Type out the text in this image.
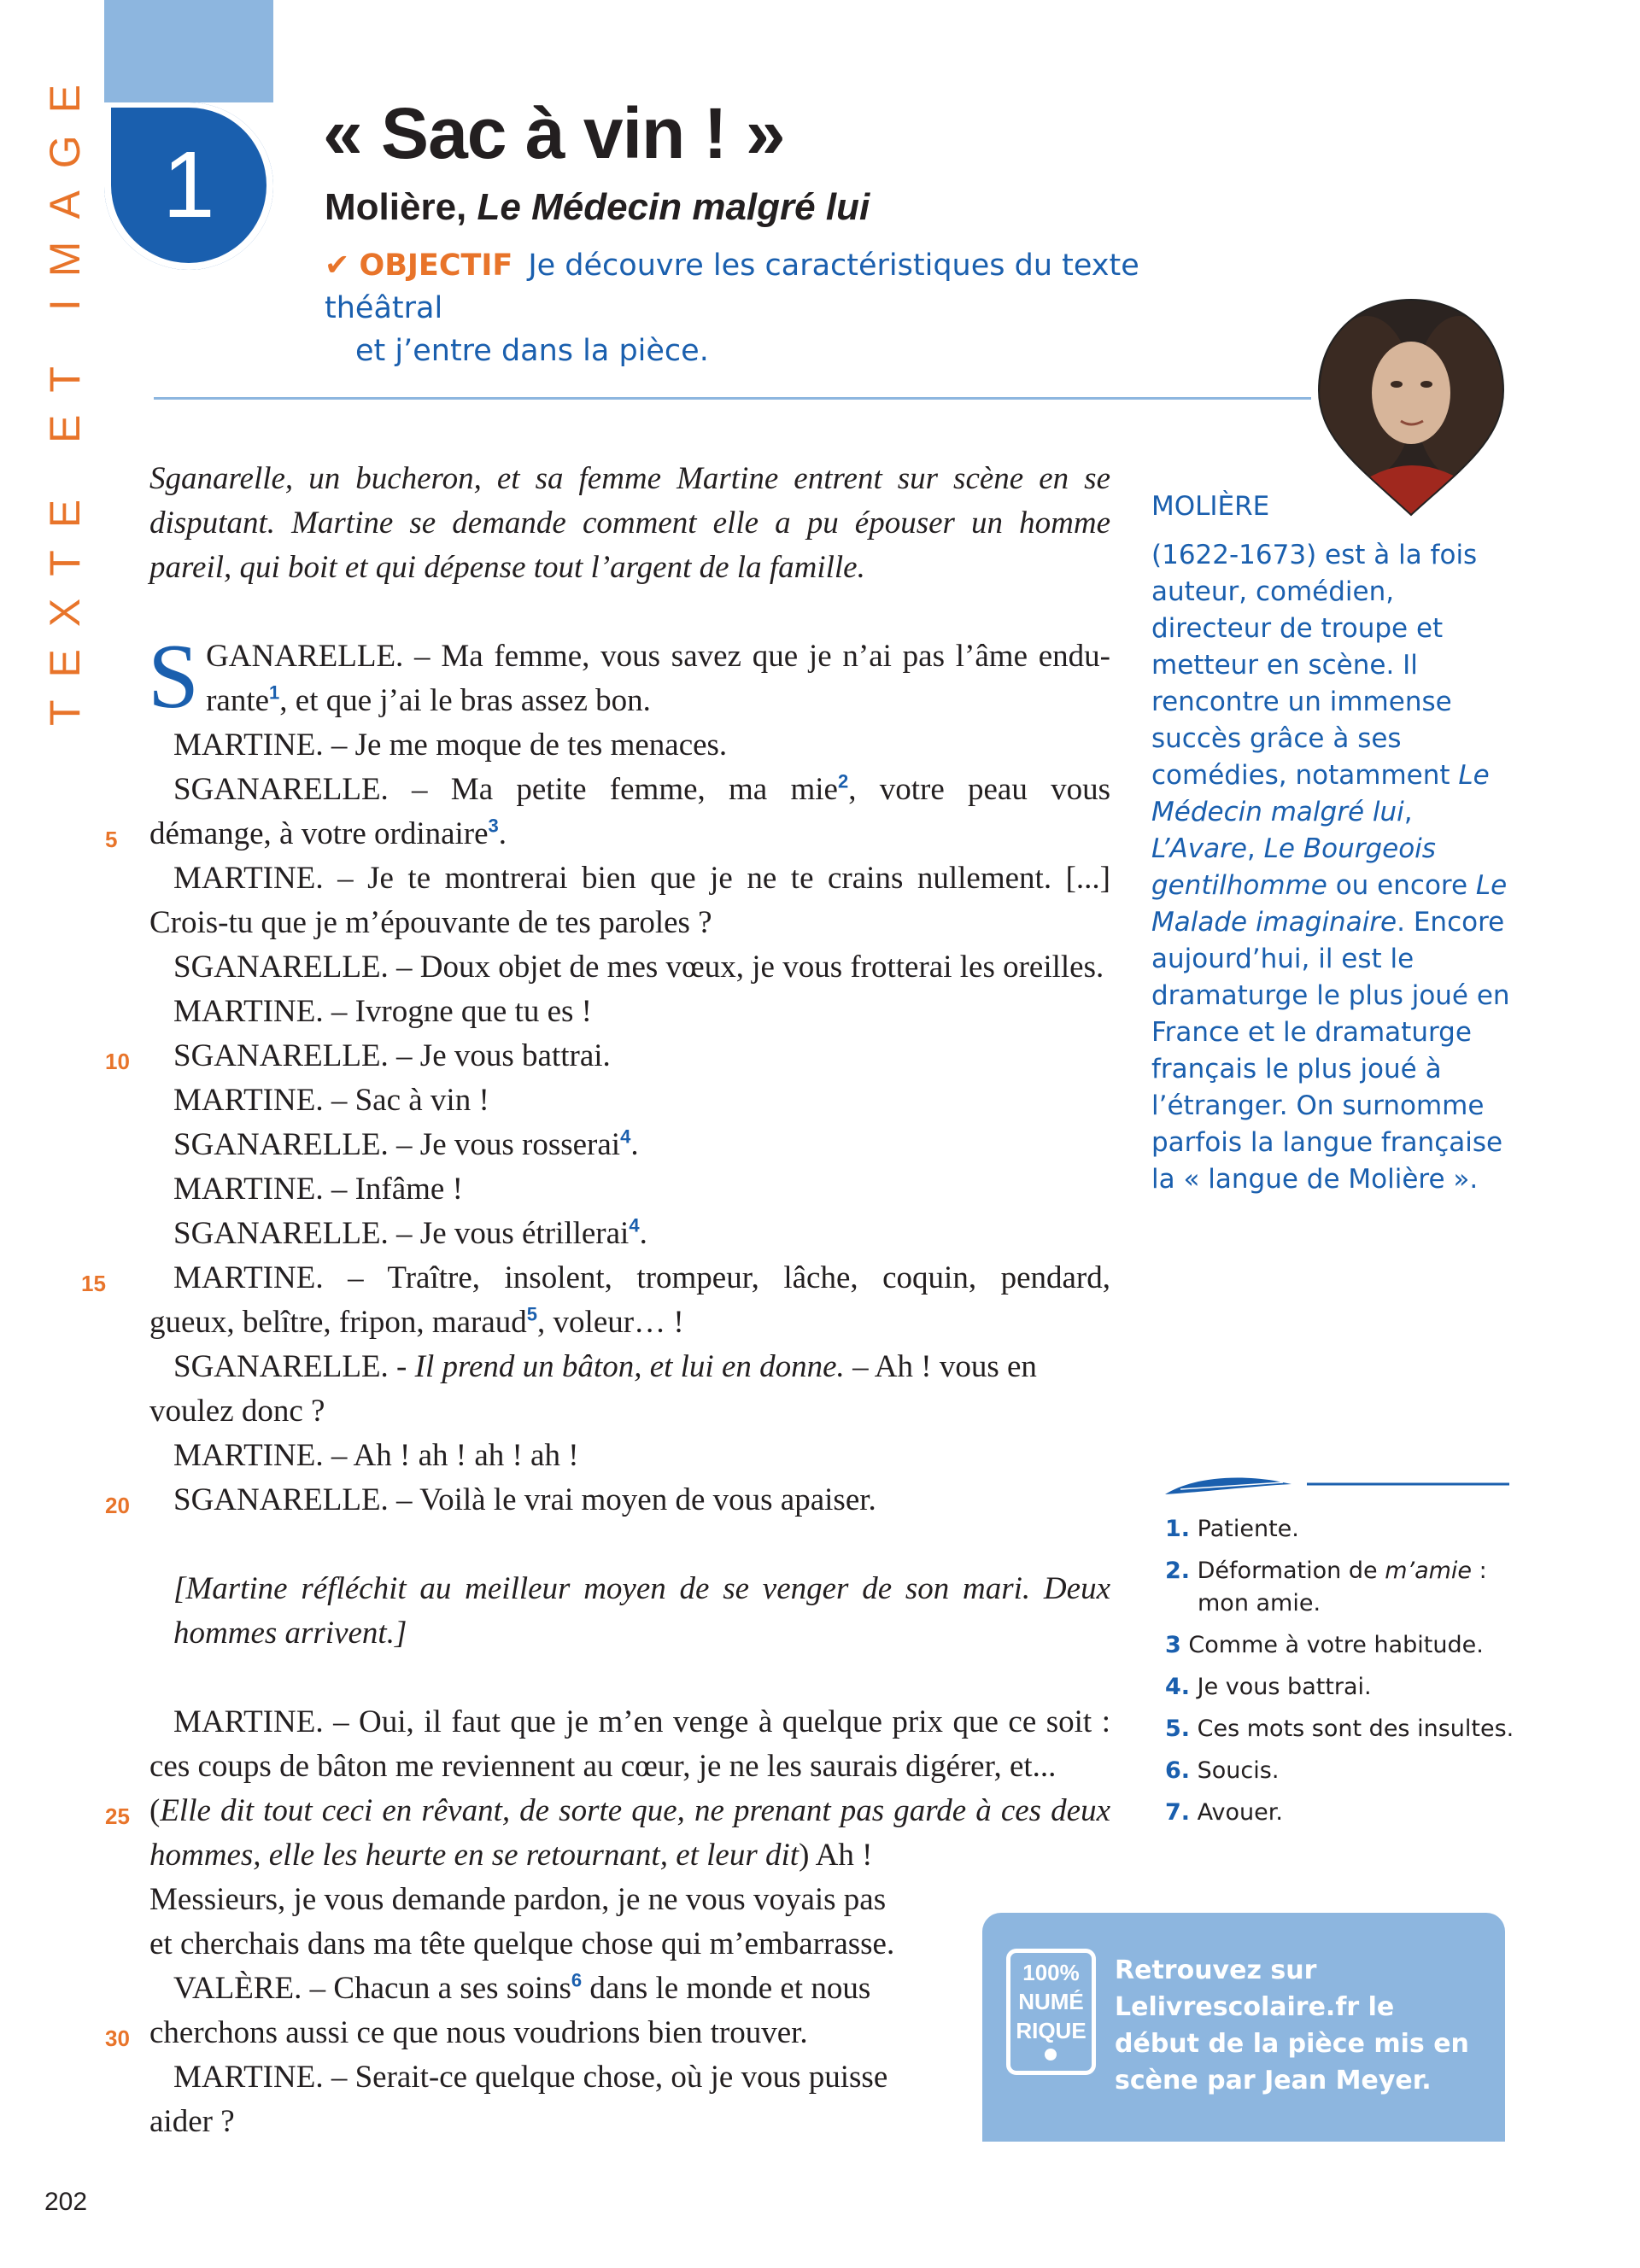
TEXTE ET IMAGE 1	« Sac à vin ! »
Molière, Le Médecin malgré lui
✔ OBJECTIF Je découvre les caractéristiques du texte théâtral
et j’entre dans la pièce.

Sganarelle, un bucheron, et sa femme Martine entrent sur scène en se disputant. Martine se demande comment elle a pu épouser un homme pareil, qui boit et qui dépense tout l’argent de la famille.

S GANARELLE. – Ma femme, vous savez que je n’ai pas l’âme endu-
rante$^1$, et que j’ai le bras assez bon.
MARTINE. – Je me moque de tes menaces.
SGANARELLE. – Ma petite femme, ma mie$^2$, votre peau vous
5	démange, à votre ordinaire$^3$.
MARTINE. – Je te montrerai bien que je ne te crains nullement. [...]
Crois-tu que je m’épouvante de tes paroles ?
SGANARELLE. – Doux objet de mes vœux, je vous frotterai les oreilles.
MARTINE. – Ivrogne que tu es !
10 SGANARELLE. – Je vous battrai.
MARTINE. – Sac à vin !
SGANARELLE. – Je vous rosserai$^4$.
MARTINE. – Infâme !
SGANARELLE. – Je vous étrillerai$^4$.
15 MARTINE. – Traître, insolent, trompeur, lâche, coquin, pendard,
gueux, belître, fripon, maraud$^5$, voleur… !
SGANARELLE. - Il prend un bâton, et lui en donne. – Ah ! vous en
voulez donc ?
MARTINE. – Ah ! ah ! ah ! ah !
20 SGANARELLE. – Voilà le vrai moyen de vous apaiser.

[Martine réfléchit au meilleur moyen de se venger de son mari. Deux hommes arrivent.]

MARTINE. – Oui, il faut que je m’en venge à quelque prix que ce soit :
ces coups de bâton me reviennent au cœur, je ne les saurais digérer, et...
25 (Elle dit tout ceci en rêvant, de sorte que, ne prenant pas garde à ces deux
hommes, elle les heurte en se retournant, et leur dit) Ah !
Messieurs, je vous demande pardon, je ne vous voyais pas
et cherchais dans ma tête quelque chose qui m’embarrasse.
VALÈRE. – Chacun a ses soins$^6$ dans le monde et nous
30 cherchons aussi ce que nous voudrions bien trouver.
MARTINE. – Serait-ce quelque chose, où je vous puisse
aider ?
MOLIÈRE
(1622-1673) est à la fois auteur, comédien, directeur de troupe et metteur en scène. Il rencontre un immense succès grâce à ses comédies, notamment Le Médecin malgré lui, L’Avare, Le Bourgeois gentilhomme ou encore Le Malade imaginaire. Encore aujourd’hui, il est le dramaturge le plus joué en France et le dramaturge français le plus joué à l’étranger. On surnomme parfois la langue française la « langue de Molière ».
1. Patiente.
2. Déformation de m’amie :
mon amie.
3 Comme à votre habitude.
4. Je vous battrai.
5. Ces mots sont des insultes.
6. Soucis.
7. Avouer.
100%
NUMÉ
RIQUE
Retrouvez sur Lelivrescolaire.fr le début de la pièce mis en scène par Jean Meyer.
202
